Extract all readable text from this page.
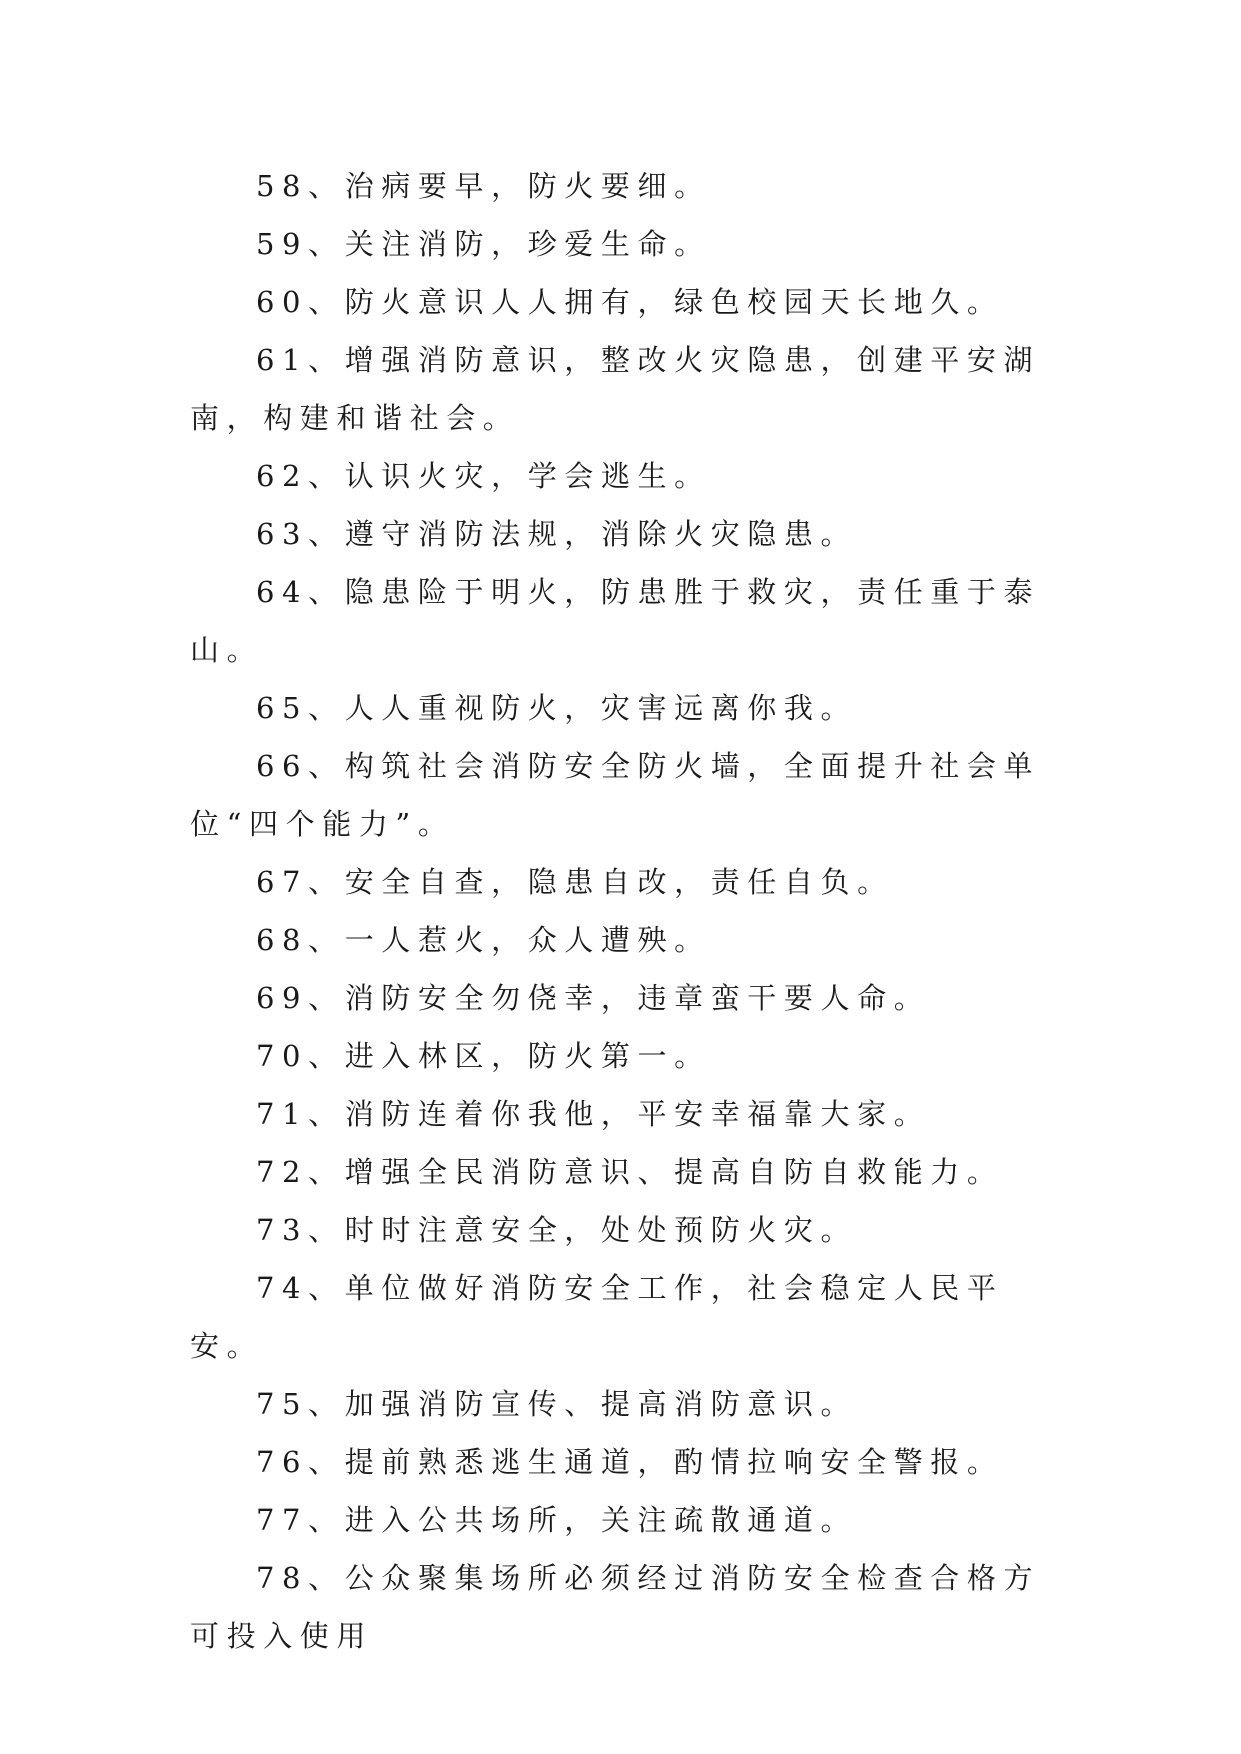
58、治病要早，防火要细。

59、关注消防，珍爱生命。

60、防火意识人人拥有，绿色校园天长地久。

61、增强消防意识，整改火灾隐患，创建平安湖南，构建和谐社会。

62、认识火灾，学会逃生。

63、遵守消防法规，消除火灾隐患。

64、隐患险于明火，防患胜于救灾，责任重于泰山。

65、人人重视防火，灾害远离你我。

66、构筑社会消防安全防火墙，全面提升社会单位“四个能力”。

67、安全自查，隐患自改，责任自负。

68、一人惹火，众人遭殃。

69、消防安全勿侥幸，违章蛮干要人命。

70、进入林区，防火第一。

71、消防连着你我他，平安幸福靠大家。

72、增强全民消防意识、提高自防自救能力。

73、时时注意安全，处处预防火灾。

74、单位做好消防安全工作，社会稳定人民平安。

75、加强消防宣传、提高消防意识。

76、提前熟悉逃生通道，酌情拉响安全警报。

77、进入公共场所，关注疏散通道。

78、公众聚集场所必须经过消防安全检查合格方可投入使用
